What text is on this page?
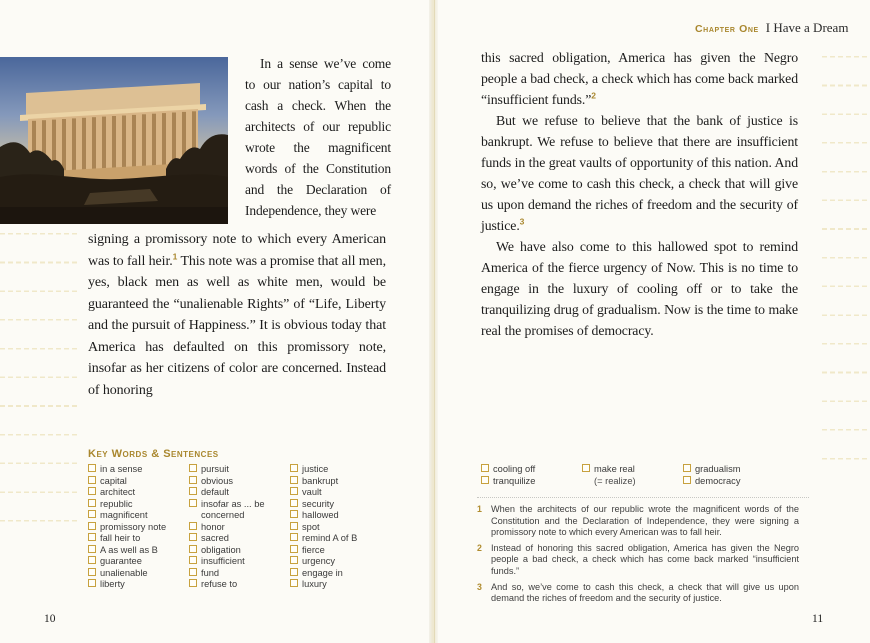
In a sense we’ve come to our nation’s capital to cash a check. When the architects of our republic wrote the magnificent words of the Constitution and the Declaration of Independence, they were
signing a promissory note to which every American was to fall heir.$^1$ This note was a promise that all men, yes, black men as well as white men, would be guaranteed the “unalienable Rights” of “Life, Liberty and the pursuit of Happiness.” It is obvious today that America has defaulted on this promissory note, insofar as her citizens of color are concerned. Instead of honoring
Key Words & Sentences
in a sense
capital
architect
republic
magnificent
promissory note
fall heir to
A as well as B
guarantee
unalienable
liberty
pursuit
obvious
default
insofar as ... be concerned
honor
sacred
obligation
insufficient
fund
refuse to
justice
bankrupt
vault
security
hallowed
spot
remind A of B
fierce
urgency
engage in
luxury
10
Chapter One I Have a Dream

this sacred obligation, America has given the Negro people a bad check, a check which has come back marked “insufficient funds.”$^2$

But we refuse to believe that the bank of justice is bankrupt. We refuse to believe that there are insufficient funds in the great vaults of opportunity of this nation. And so, we’ve come to cash this check, a check that will give us upon demand the riches of freedom and the security of justice.$^3$

We have also come to this hallowed spot to remind America of the fierce urgency of Now. This is no time to engage in the luxury of cooling off or to take the tranquilizing drug of gradualism. Now is the time to make real the promises of democracy.

cooling off
tranquilize
make real
(= realize)
gradualism
democracy
1 When the architects of our republic wrote the magnificent words of the Constitution and the Declaration of Independence, they were signing a promissory note to which every American was to fall heir.
2 Instead of honoring this sacred obligation, America has given the Negro people a bad check, a check which has come back marked “insufficient funds.”
3 And so, we’ve come to cash this check, a check that will give us upon demand the riches of freedom and the security of justice.
11
